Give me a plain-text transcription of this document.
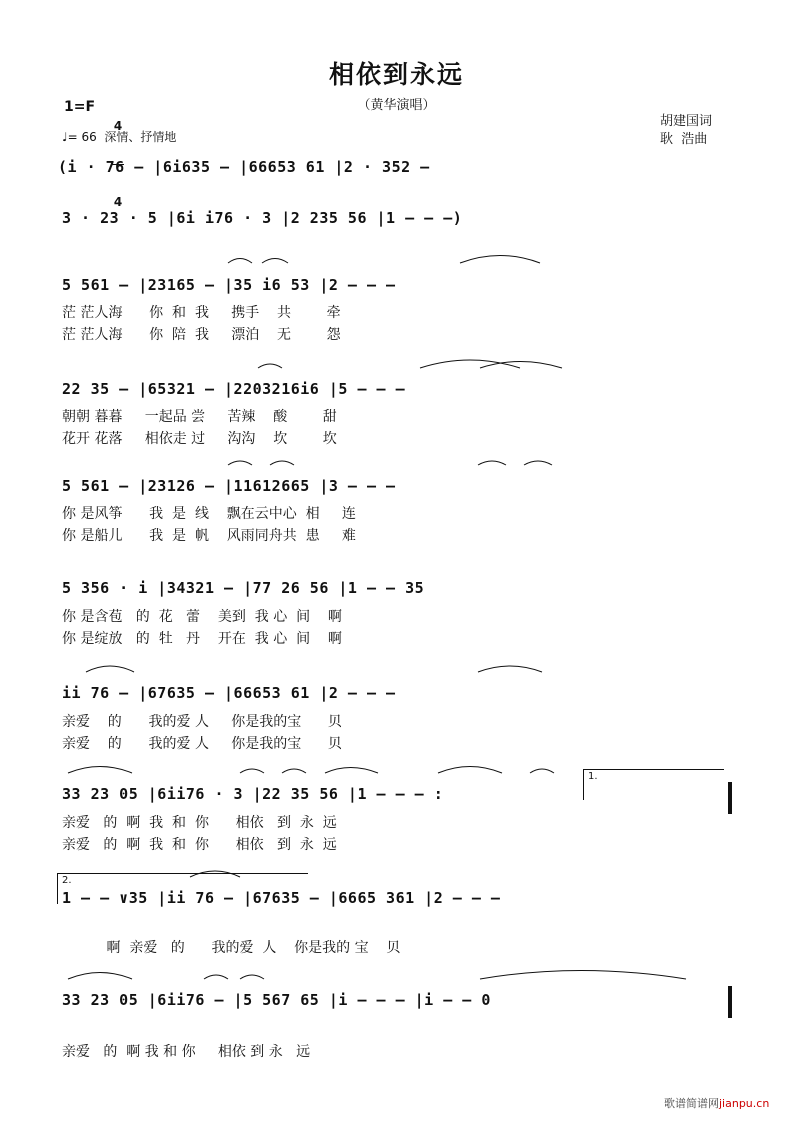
相依到永远
（黄华演唱）
1=F

4

4

♩= 66  深情、抒情地
胡建国词
耿  浩曲
(i · 76 – |6i635 – |66653 61 |2 · 352 –
3 · 23 · 5 |6i i76 · 3 |2 235 56 |1 – – –)
5 561 – |23165 – |35 i6 53 |2 – – –
茫 茫人海      你  和  我     携手    共        牵
茫 茫人海      你  陪  我     漂泊    无        怨
22 35 – |65321 – |2203216i6 |5 – – –
朝朝 暮暮     一起品 尝     苦辣    酸        甜
花开 花落     相依走 过     沟沟    坎        坎
5 561 – |23126 – |11612665 |3 – – –
你 是风筝      我  是  线    飘在云中心  相     连
你 是船儿      我  是  帆    风雨同舟共  患     难
5 356 · i |34321 – |77 26 56 |1 – – 35
你 是含苞   的  花   蕾    美到  我 心  间    啊
你 是绽放   的  牡   丹    开在  我 心  间    啊
ii 76 – |67635 – |66653 61 |2 – – –
亲爱    的      我的爱 人     你是我的宝      贝
亲爱    的      我的爱 人     你是我的宝      贝
33 23 05 |6ii76 · 3 |22 35 56 |1 – – – :
亲爱   的  啊  我  和  你      相依   到  永  远
亲爱   的  啊  我  和  你      相依   到  永  远
1.
2.
1 – – ∨35 |ii 76 – |67635 – |6665 361 |2 – – –
啊  亲爱   的      我的爱  人    你是我的 宝    贝
33 23 05 |6ii76 – |5 567 65 |i – – – |i – – 0
亲爱   的  啊 我 和 你     相依 到 永   远
歌谱简谱网jianpu.cn
